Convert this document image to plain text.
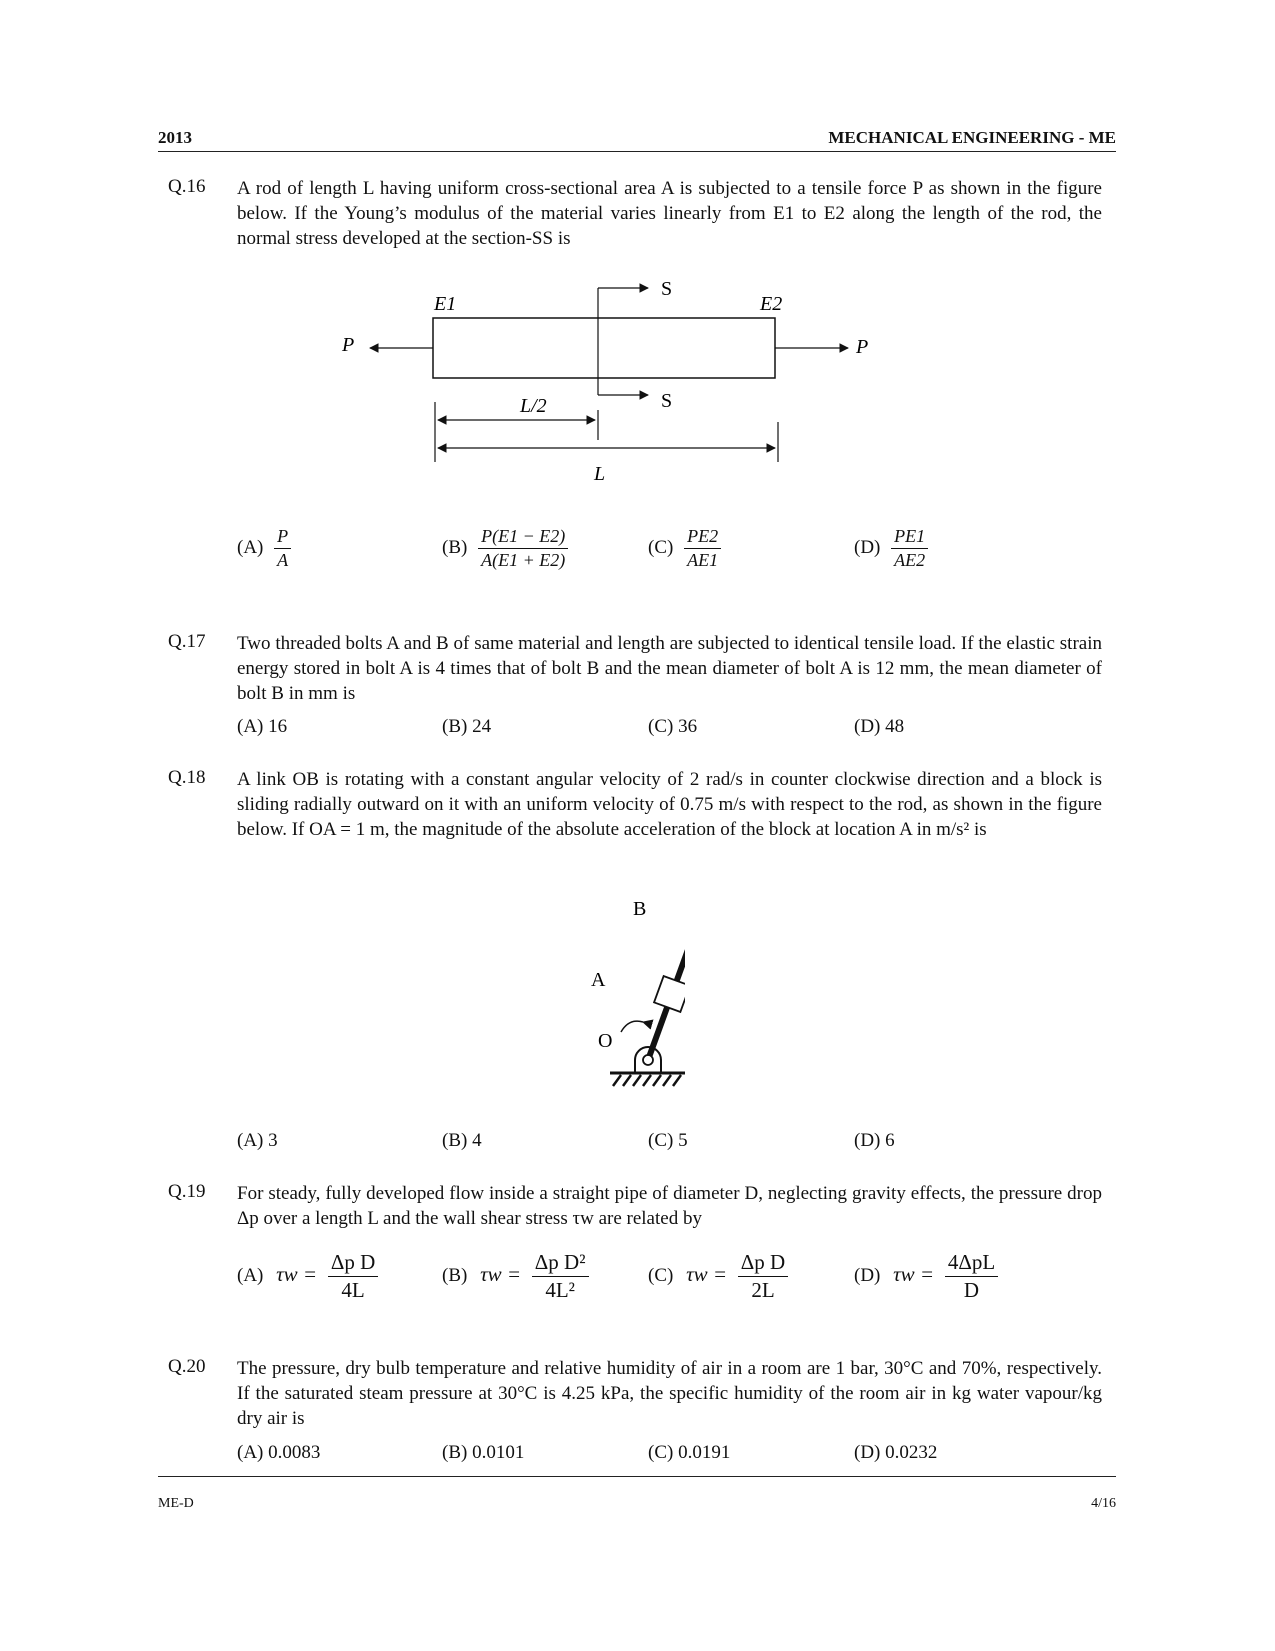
2013	MECHANICAL ENGINEERING - ME
Q.16 A rod of length L having uniform cross-sectional area A is subjected to a tensile force P as shown in the figure below. If the Young’s modulus of the material varies linearly from E1 to E2 along the length of the rod, the normal stress developed at the section-SS is
E1	E2
S
S
P	P
L/2
L
$(A) \frac{P}{A}$	$(B) \frac{P(E1 - E2)}{A(E1 + E2)}$	$(C) \frac{PE2}{AE1}$	$(D) \frac{PE1}{AE2}$
Q.17 Two threaded bolts A and B of same material and length are subjected to identical tensile load. If the elastic strain energy stored in bolt A is 4 times that of bolt B and the mean diameter of bolt A is 12 mm, the mean diameter of bolt B in mm is
(A) 16	(B) 24	(C) 36	(D) 48
Q.18 A link OB is rotating with a constant angular velocity of 2 rad/s in counter clockwise direction and a block is sliding radially outward on it with an uniform velocity of 0.75 m/s with respect to the rod, as shown in the figure below. If OA = 1 m, the magnitude of the absolute acceleration of the block at location A in m/s² is
B
A
O
(A) 3	(B) 4	(C) 5	(D) 6
Q.19 For steady, fully developed flow inside a straight pipe of diameter D, neglecting gravity effects, the pressure drop Δp over a length L and the wall shear stress τw are related by
(A) $\tau w = \frac{\text{Δp D}}{4L}$	(B) $\tau w = \frac{\text{Δp D²}}{\text{4L²}}$	(C) $\tau w = \frac{\text{Δp D}}{2L}$	(D) $\tau w = \frac{\text{4ΔpL}}{D}$
Q.20 The pressure, dry bulb temperature and relative humidity of air in a room are 1 bar, 30°C and 70%, respectively. If the saturated steam pressure at 30°C is 4.25 kPa, the specific humidity of the room air in kg water vapour/kg dry air is
(A) 0.0083	(B) 0.0101	(C) 0.0191	(D) 0.0232
ME-D	4/16
